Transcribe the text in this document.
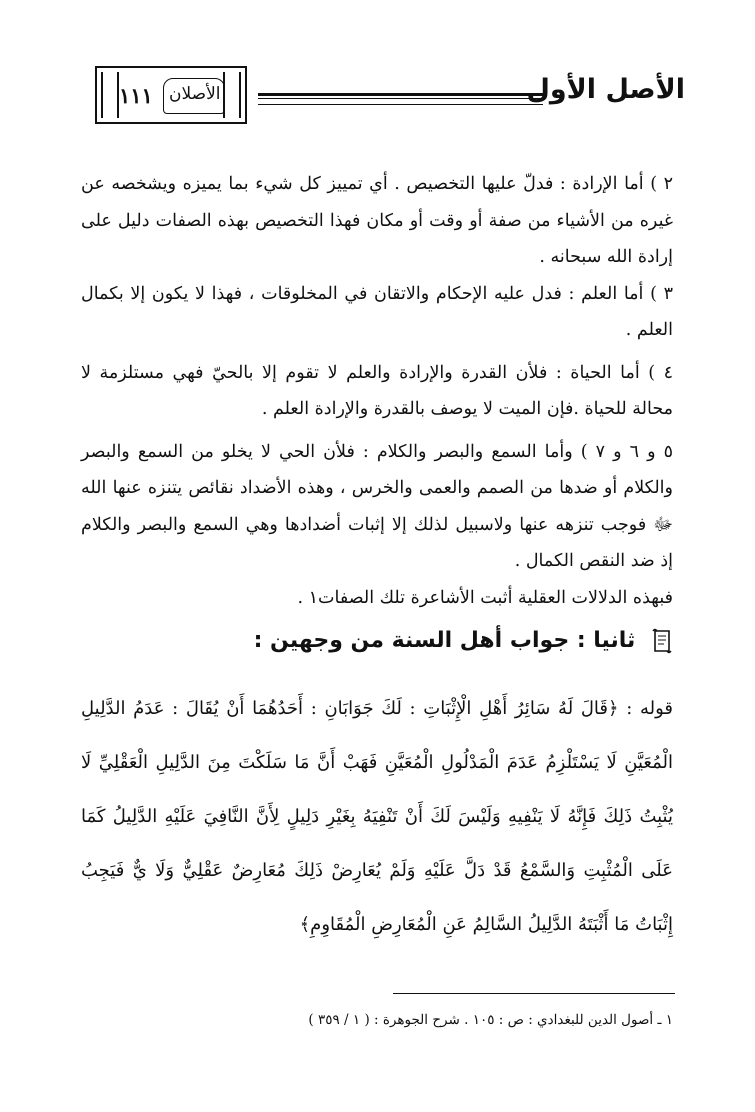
١١١ الأصلان	الأصل الأول

٢ ) أما الإرادة : فدلّ عليها التخصيص . أي تمييز كل شيء بما يميزه ويشخصه عن غيره من الأشياء من صفة أو وقت أو مكان فهذا التخصيص بهذه الصفات دليل على إرادة الله سبحانه .

٣ ) أما العلم : فدل عليه الإحكام والاتقان في المخلوقات ، فهذا لا يكون إلا بكمال العلم .

٤ ) أما الحياة : فلأن القدرة والإرادة والعلم لا تقوم إلا بالحيّ فهي مستلزمة لا محالة للحياة .فإن الميت لا يوصف بالقدرة والإرادة العلم .

٥ و ٦ و ٧ ) وأما السمع والبصر والكلام : فلأن الحي لا يخلو من السمع والبصر والكلام أو ضدها من الصمم والعمى والخرس ، وهذه الأضداد نقائص يتنزه عنها الله ﷻ فوجب تنزهه عنها ولاسبيل لذلك إلا إثبات أضدادها وهي السمع والبصر والكلام إذ ضد النقص الكمال .

فبهذه الدلالات العقلية أثبت الأشاعرة تلك الصفات١ .

ثانيا : جواب أهل السنة من وجهين :

قوله : ﴿قَالَ لَهُ سَائِرُ أَهْلِ الْإِثْبَاتِ : لَكَ جَوَابَانِ : أَحَدُهُمَا أَنْ يُقَالَ : عَدَمُ الدَّلِيلِ الْمُعَيَّنِ لَا يَسْتَلْزِمُ عَدَمَ الْمَدْلُولِ الْمُعَيَّنِ فَهَبْ أَنَّ مَا سَلَكْتَ مِنَ الدَّلِيلِ الْعَقْلِيِّ لَا يُثْبِتُ ذَلِكَ فَإِنَّهُ لَا يَنْفِيهِ وَلَيْسَ لَكَ أَنْ تَنْفِيَهُ بِغَيْرِ دَلِيلٍ لِأَنَّ النَّافِيَ عَلَيْهِ الدَّلِيلُ كَمَا عَلَى الْمُثْبِتِ وَالسَّمْعُ قَدْ دَلَّ عَلَيْهِ وَلَمْ يُعَارِضْ ذَلِكَ مُعَارِضٌ عَقْلِيٌّ وَلَا يٌّ فَيَجِبُ إِثْبَاتُ مَا أَثْبَتَهُ الدَّلِيلُ السَّالِمُ عَنِ الْمُعَارِضِ الْمُقَاوِمِ﴾

١ ـ أصول الدين للبغدادي : ص : ١٠٥ . شرح الجوهرة : ( ١ / ٣٥٩ )
